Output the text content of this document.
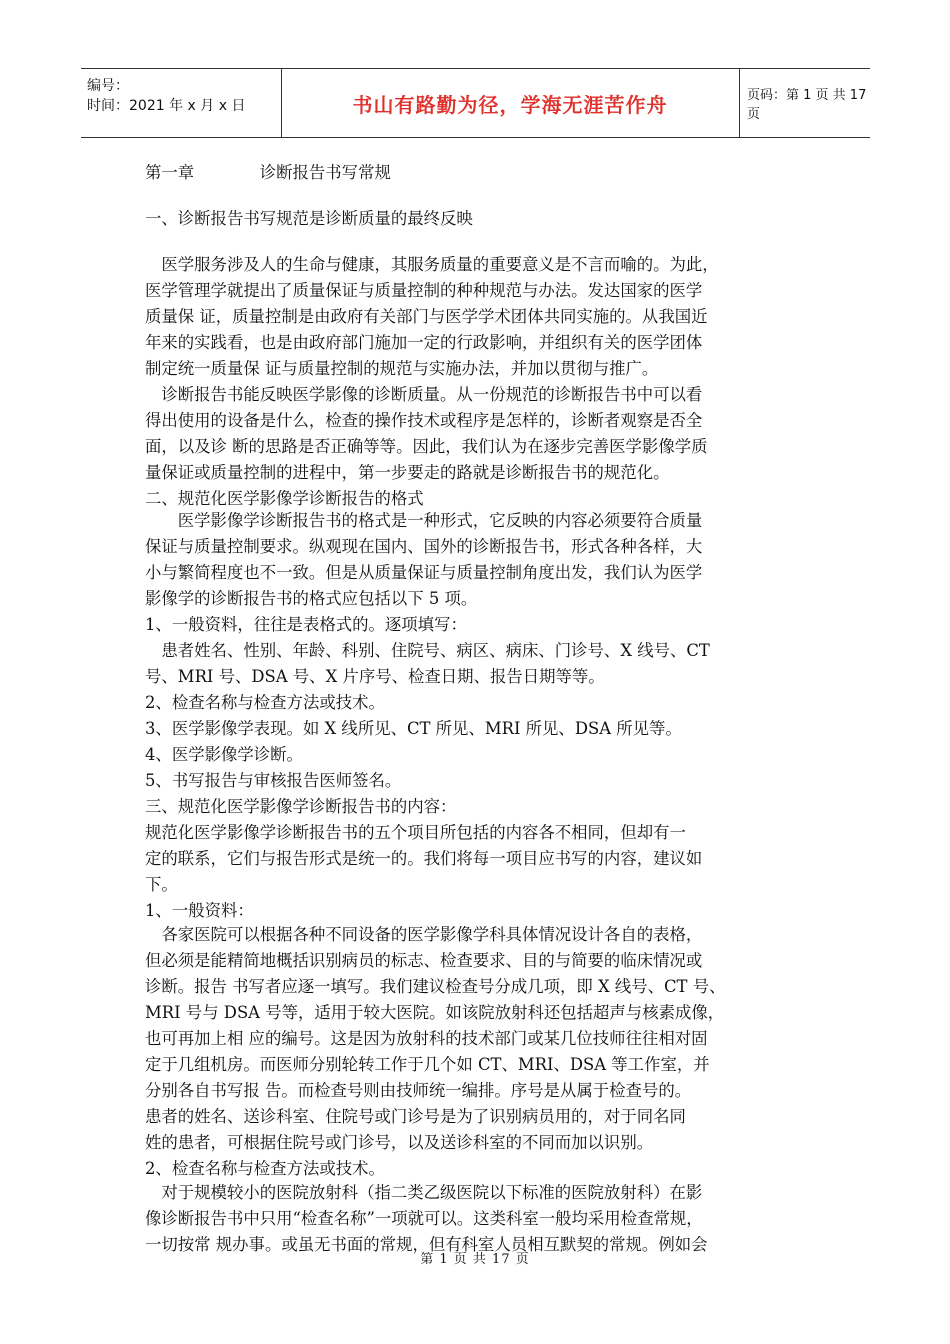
编号：
时间：2021 年 x 月 x 日	书山有路勤为径，学海无涯苦作舟	页码：第 1 页 共 17 页
第一章　　　　诊断报告书写常规
一、诊断报告书写规范是诊断质量的最终反映
　医学服务涉及人的生命与健康，其服务质量的重要意义是不言而喻的。为此，
医学管理学就提出了质量保证与质量控制的种种规范与办法。发达国家的医学
质量保 证，质量控制是由政府有关部门与医学学术团体共同实施的。从我国近
年来的实践看，也是由政府部门施加一定的行政影响，并组织有关的医学团体
制定统一质量保 证与质量控制的规范与实施办法，并加以贯彻与推广。
　诊断报告书能反映医学影像的诊断质量。从一份规范的诊断报告书中可以看
得出使用的设备是什么，检查的操作技术或程序是怎样的，诊断者观察是否全
面，以及诊 断的思路是否正确等等。因此，我们认为在逐步完善医学影像学质
量保证或质量控制的进程中，第一步要走的路就是诊断报告书的规范化。
二、规范化医学影像学诊断报告的格式
　　医学影像学诊断报告书的格式是一种形式，它反映的内容必须要符合质量
保证与质量控制要求。纵观现在国内、国外的诊断报告书，形式各种各样，大
小与繁简程度也不一致。但是从质量保证与质量控制角度出发，我们认为医学
影像学的诊断报告书的格式应包括以下 5 项。
1、一般资料，往往是表格式的。逐项填写：
　患者姓名、性别、年龄、科别、住院号、病区、病床、门诊号、X 线号、CT
号、MRI 号、DSA 号、X 片序号、检查日期、报告日期等等。
2、检查名称与检查方法或技术。
3、医学影像学表现。如 X 线所见、CT 所见、MRI 所见、DSA 所见等。
4、医学影像学诊断。
5、书写报告与审核报告医师签名。
三、规范化医学影像学诊断报告书的内容：
规范化医学影像学诊断报告书的五个项目所包括的内容各不相同，但却有一
定的联系，它们与报告形式是统一的。我们将每一项目应书写的内容，建议如
下。
1、一般资料：
　各家医院可以根据各种不同设备的医学影像学科具体情况设计各自的表格，
但必须是能精简地概括识别病员的标志、检查要求、目的与简要的临床情况或
诊断。报告 书写者应逐一填写。我们建议检查号分成几项，即 X 线号、CT 号、
MRI 号与 DSA 号等，适用于较大医院。如该院放射科还包括超声与核素成像，
也可再加上相 应的编号。这是因为放射科的技术部门或某几位技师往往相对固
定于几组机房。而医师分别轮转工作于几个如 CT、MRI、DSA 等工作室，并
分别各自书写报 告。而检查号则由技师统一编排。序号是从属于检查号的。
患者的姓名、送诊科室、住院号或门诊号是为了识别病员用的，对于同名同
姓的患者，可根据住院号或门诊号，以及送诊科室的不同而加以识别。
2、检查名称与检查方法或技术。
　对于规模较小的医院放射科（指二类乙级医院以下标准的医院放射科）在影
像诊断报告书中只用“检查名称”一项就可以。这类科室一般均采用检查常规，
一切按常 规办事。或虽无书面的常规，但有科室人员相互默契的常规。例如会
第 1 页 共 17 页
